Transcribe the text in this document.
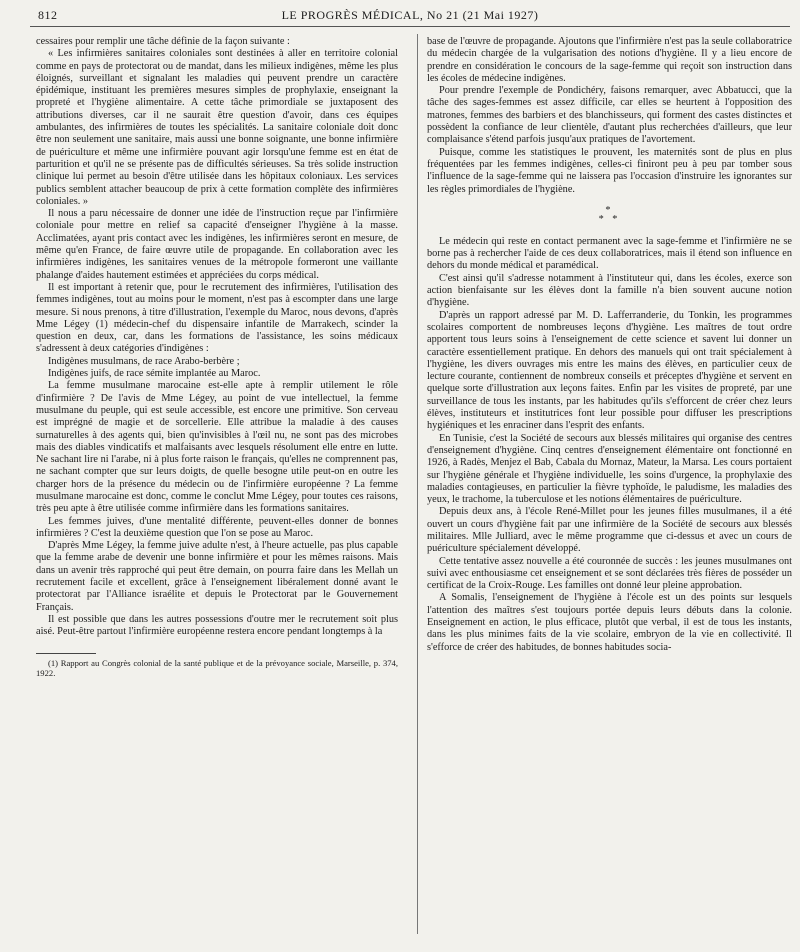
812	LE PROGRÈS MÉDICAL, No 21 (21 Mai 1927)

cessaires pour remplir une tâche définie de la façon suivante :

« Les infirmières sanitaires coloniales sont destinées à aller en territoire colonial comme en pays de protectorat ou de mandat, dans les milieux indigènes, même les plus éloignés, surveillant et signalant les maladies qui peuvent prendre un caractère épidémique, instituant les premières mesures simples de prophylaxie, enseignant la propreté et l'hygiène alimentaire. A cette tâche primordiale se juxtaposent des attributions diverses, car il ne saurait être question d'avoir, dans ces équipes ambulantes, des infirmières de toutes les spécialités. La sanitaire coloniale doit donc être non seulement une sanitaire, mais aussi une bonne soignante, une bonne infirmière de puériculture et même une infirmière pouvant agir lorsqu'une femme est en état de parturition et qu'il ne se présente pas de difficultés sérieuses. Sa très solide instruction clinique lui permet au besoin d'être utilisée dans les hôpitaux coloniaux. Les services publics semblent attacher beaucoup de prix à cette formation complète des infirmières coloniales. »

Il nous a paru nécessaire de donner une idée de l'instruction reçue par l'infirmière coloniale pour mettre en relief sa capacité d'enseigner l'hygiène à la masse. Acclimatées, ayant pris contact avec les indigènes, les infirmières seront en mesure, de même qu'en France, de faire œuvre utile de propagande. En collaboration avec les infirmières indigènes, les sanitaires venues de la métropole formeront une vaillante phalange d'aides hautement estimées et appréciées du corps médical.

Il est important à retenir que, pour le recrutement des infirmières, l'utilisation des femmes indigènes, tout au moins pour le moment, n'est pas à escompter dans une large mesure. Si nous prenons, à titre d'illustration, l'exemple du Maroc, nous devons, d'après Mme Légey (1) médecin-chef du dispensaire infantile de Marrakech, scinder la question en deux, car, dans les formations de l'assistance, les soins médicaux s'adressent à deux catégories d'indigènes :

Indigènes musulmans, de race Arabo-berbère ;

Indigènes juifs, de race sémite implantée au Maroc.

La femme musulmane marocaine est-elle apte à remplir utilement le rôle d'infirmière ? De l'avis de Mme Légey, au point de vue intellectuel, la femme musulmane du peuple, qui est seule accessible, est encore une primitive. Son cerveau est imprégné de magie et de sorcellerie. Elle attribue la maladie à des causes surnaturelles à des agents qui, bien qu'invisibles à l'œil nu, ne sont pas des microbes mais des diables vindicatifs et malfaisants avec lesquels résolument elle entre en lutte. Ne sachant lire ni l'arabe, ni à plus forte raison le français, qu'elles ne comprennent pas, ne sachant compter que sur leurs doigts, de quelle besogne utile peut-on en outre les charger hors de la présence du médecin ou de l'infirmière européenne ? La femme musulmane marocaine est donc, comme le conclut Mme Légey, pour toutes ces raisons, très peu apte à être utilisée comme infirmière dans les formations sanitaires.

Les femmes juives, d'une mentalité différente, peuvent-elles donner de bonnes infirmières ? C'est la deuxième question que l'on se pose au Maroc.

D'après Mme Légey, la femme juive adulte n'est, à l'heure actuelle, pas plus capable que la femme arabe de devenir une bonne infirmière et pour les mêmes raisons. Mais dans un avenir très rapproché qui peut être demain, on pourra faire dans les Mellah un recrutement facile et excellent, grâce à l'enseignement libéralement donné avant le protectorat par l'Alliance israélite et depuis le Protectorat par le Gouvernement Français.

Il est possible que dans les autres possessions d'outre mer le recrutement soit plus aisé. Peut-être partout l'infirmière européenne restera encore pendant longtemps à la

(1) Rapport au Congrès colonial de la santé publique et de la prévoyance sociale, Marseille, p. 374, 1922.

base de l'œuvre de propagande. Ajoutons que l'infirmière n'est pas la seule collaboratrice du médecin chargée de la vulgarisation des notions d'hygiène. Il y a lieu encore de prendre en considération le concours de la sage-femme qui reçoit son instruction dans les écoles de médecine indigènes.

Pour prendre l'exemple de Pondichéry, faisons remarquer, avec Abbatucci, que la tâche des sages-femmes est assez difficile, car elles se heurtent à l'opposition des matrones, femmes des barbiers et des blanchisseurs, qui forment des castes distinctes et possèdent la confiance de leur clientèle, d'autant plus recherchées d'ailleurs, que leur complaisance s'étend parfois jusqu'aux pratiques de l'avortement.

Puisque, comme les statistiques le prouvent, les maternités sont de plus en plus fréquentées par les femmes indigènes, celles-ci finiront peu à peu par tomber sous l'influence de la sage-femme qui ne laissera pas l'occasion d'instruire les ignorantes sur les règles primordiales de l'hygiène.

*
* *

Le médecin qui reste en contact permanent avec la sage-femme et l'infirmière ne se borne pas à rechercher l'aide de ces deux collaboratrices, mais il étend son influence en dehors du monde médical et paramédical.

C'est ainsi qu'il s'adresse notamment à l'instituteur qui, dans les écoles, exerce son action bienfaisante sur les élèves dont la famille n'a bien souvent aucune notion d'hygiène.

D'après un rapport adressé par M. D. Lafferranderie, du Tonkin, les programmes scolaires comportent de nombreuses leçons d'hygiène. Les maîtres de tout ordre apportent tous leurs soins à l'enseignement de cette science et savent lui donner un caractère essentiellement pratique. En dehors des manuels qui ont trait spécialement à l'hygiène, les divers ouvrages mis entre les mains des élèves, en particulier ceux de lecture courante, contiennent de nombreux conseils et préceptes d'hygiène et servent en quelque sorte d'illustration aux leçons faites. Enfin par les visites de propreté, par une surveillance de tous les instants, par les habitudes qu'ils s'efforcent de créer chez leurs élèves, instituteurs et institutrices font leur possible pour diffuser les prescriptions hygiéniques et les enraciner dans l'esprit des enfants.

En Tunisie, c'est la Société de secours aux blessés militaires qui organise des centres d'enseignement d'hygiène. Cinq centres d'enseignement élémentaire ont fonctionné en 1926, à Radès, Menjez el Bab, Cabala du Mornaz, Mateur, la Marsa. Les cours portaient sur l'hygiène générale et l'hygiène individuelle, les soins d'urgence, la prophylaxie des maladies contagieuses, en particulier la fièvre typhoïde, le paludisme, les maladies des yeux, le trachome, la tuberculose et les notions élémentaires de puériculture.

Depuis deux ans, à l'école René-Millet pour les jeunes filles musulmanes, il a été ouvert un cours d'hygiène fait par une infirmière de la Société de secours aux blessés militaires. Mlle Julliard, avec le même programme que ci-dessus et avec un cours de puériculture spécialement développé.

Cette tentative assez nouvelle a été couronnée de succès : les jeunes musulmanes ont suivi avec enthousiasme cet enseignement et se sont déclarées très fières de posséder un certificat de la Croix-Rouge. Les familles ont donné leur pleine approbation.

A Somalis, l'enseignement de l'hygiène à l'école est un des points sur lesquels l'attention des maîtres s'est toujours portée depuis leurs débuts dans la colonie. Enseignement en action, le plus efficace, plutôt que verbal, il est de tous les instants, dans les plus minimes faits de la vie scolaire, embryon de la vie en collectivité. Il s'efforce de créer des habitudes, de bonnes habitudes socia-
